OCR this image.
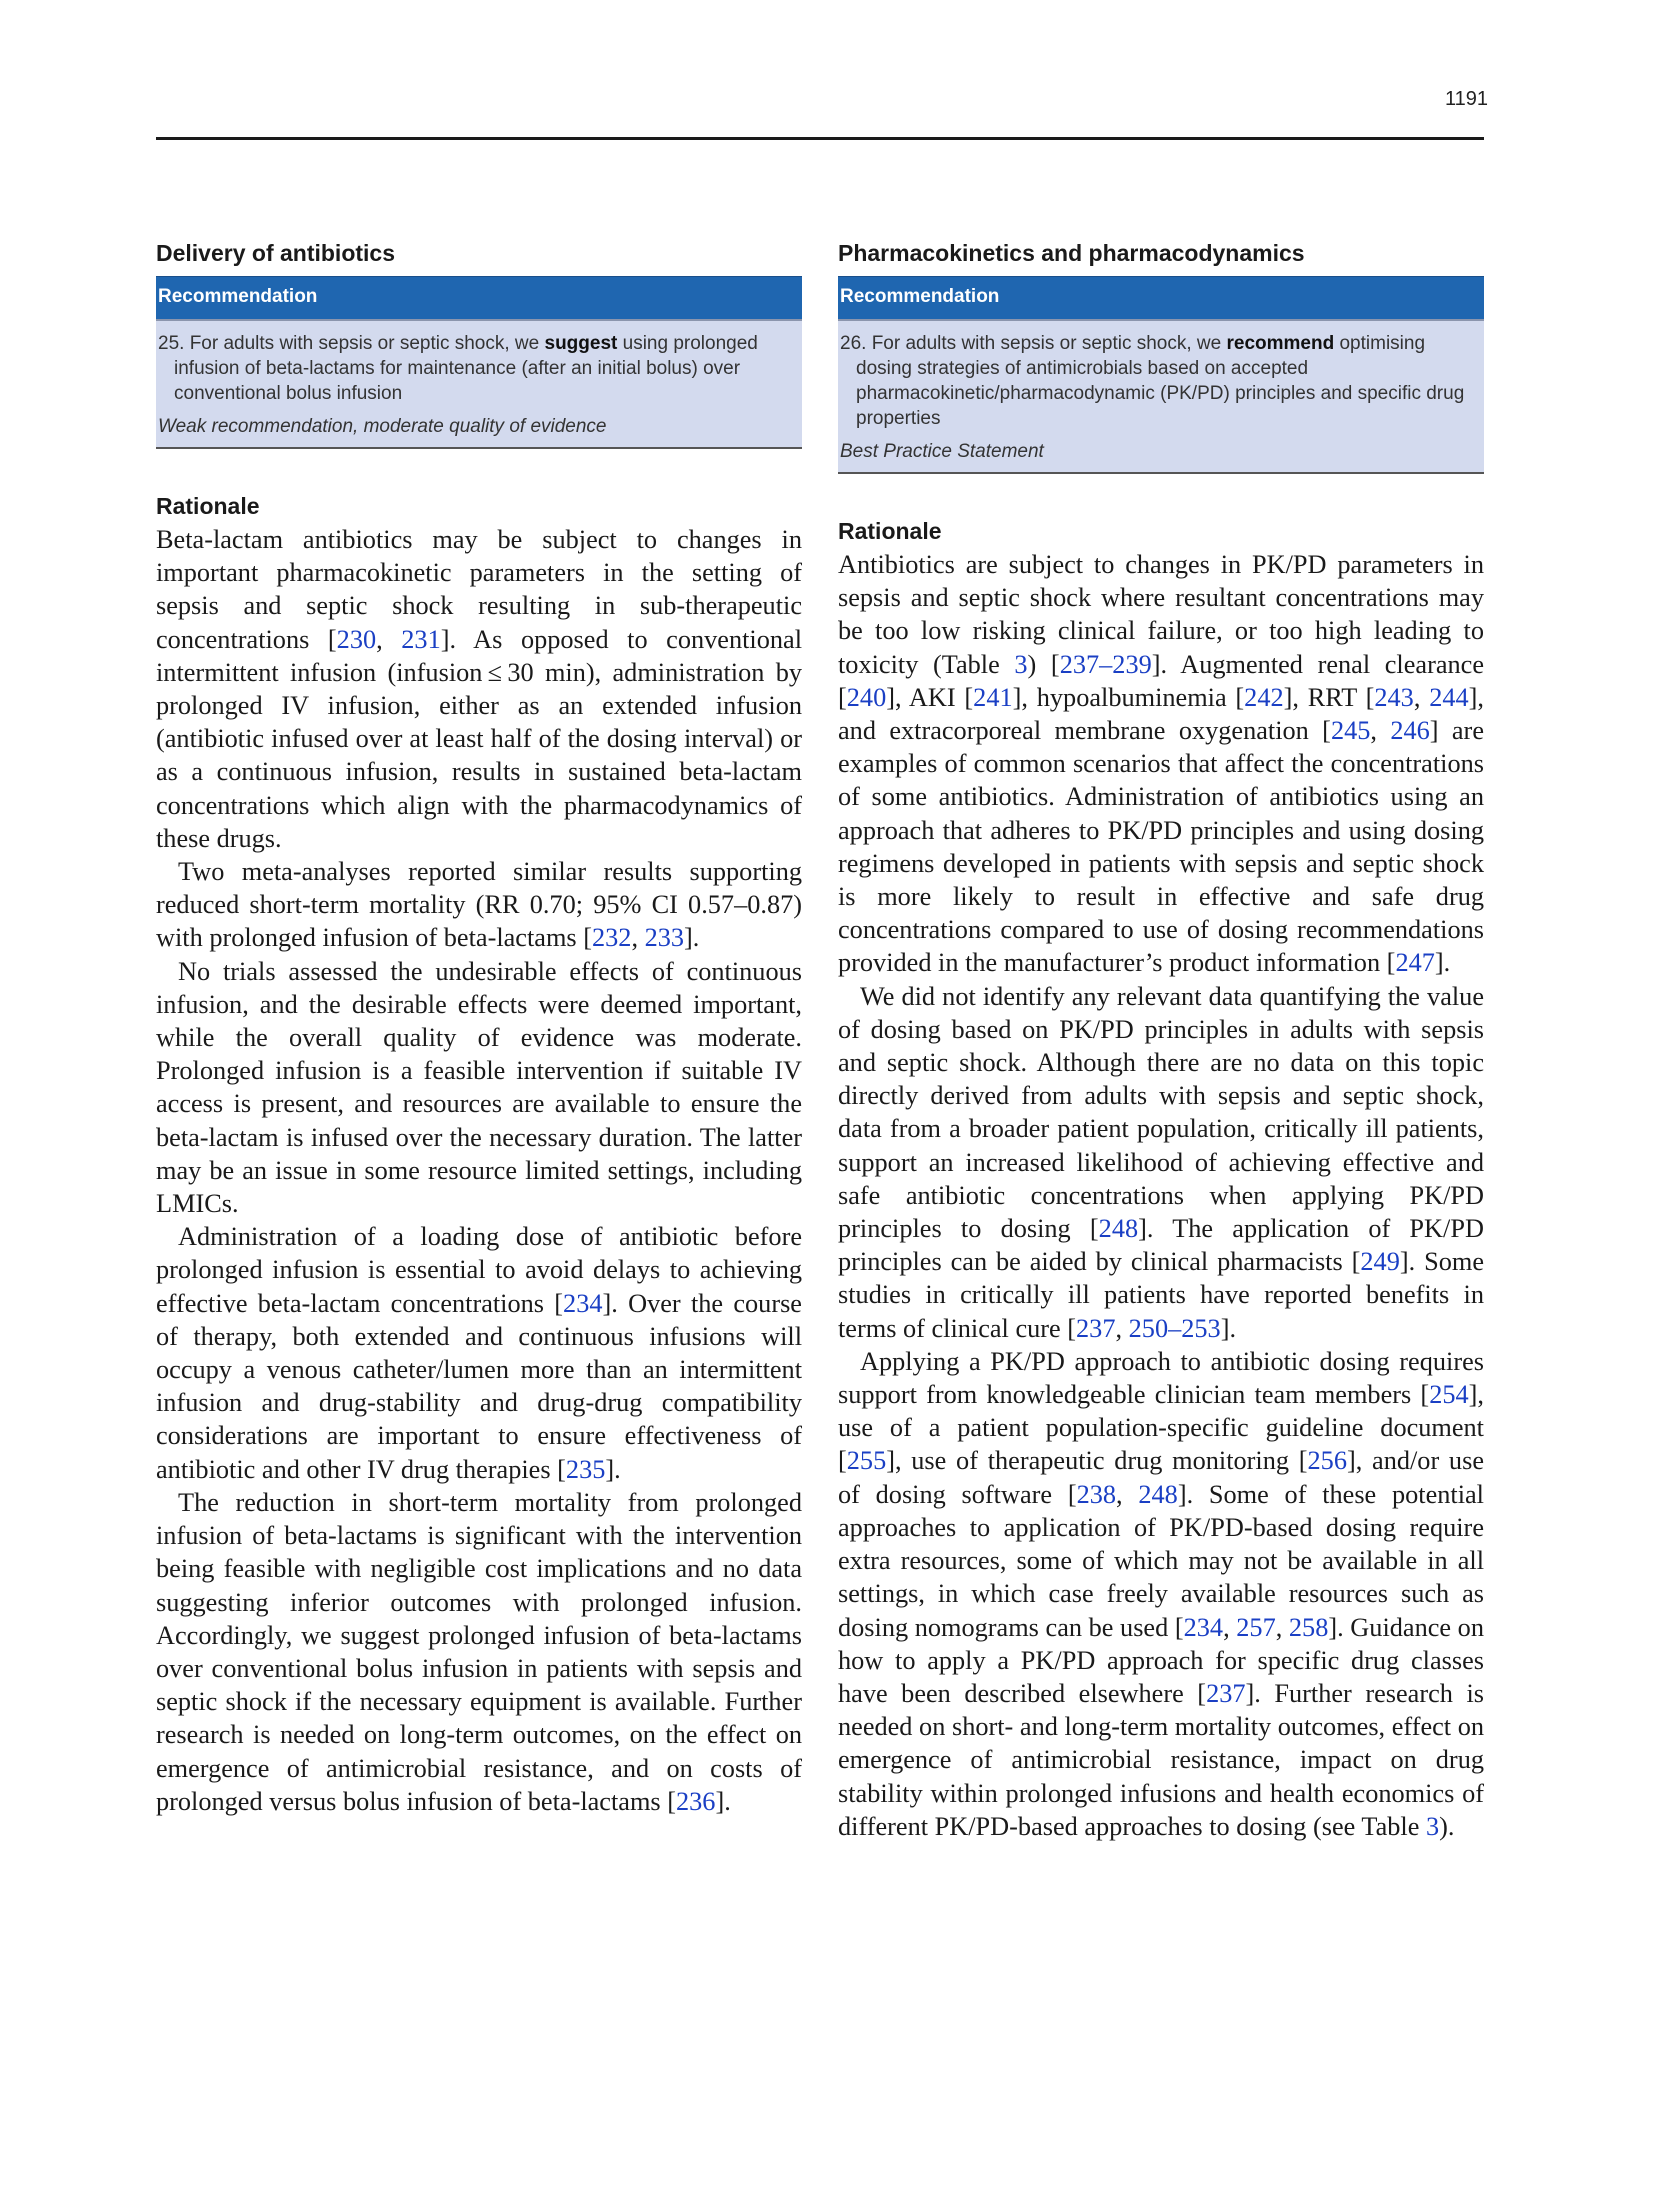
1191
Delivery of antibiotics
Recommendation

25. For adults with sepsis or septic shock, we suggest using prolonged infusion of beta-lactams for maintenance (after an initial bolus) over conventional bolus infusion

Weak recommendation, moderate quality of evidence

Rationale

Beta-lactam antibiotics may be subject to changes in important pharmacokinetic parameters in the setting of sepsis and septic shock resulting in sub-therapeutic concentrations [230, 231]. As opposed to conventional intermittent infusion (infusion ≤ 30 min), administration by prolonged IV infusion, either as an extended infusion (antibiotic infused over at least half of the dosing interval) or as a continuous infusion, results in sustained beta-lactam concentrations which align with the pharmacodynamics of these drugs.

Two meta-analyses reported similar results supporting reduced short-term mortality (RR 0.70; 95% CI 0.57–0.87) with prolonged infusion of beta-lactams [232, 233].

No trials assessed the undesirable effects of continuous infusion, and the desirable effects were deemed important, while the overall quality of evidence was moderate. Prolonged infusion is a feasible intervention if suitable IV access is present, and resources are available to ensure the beta-lactam is infused over the necessary duration. The latter may be an issue in some resource limited settings, including LMICs.

Administration of a loading dose of antibiotic before prolonged infusion is essential to avoid delays to achieving effective beta-lactam concentrations [234]. Over the course of therapy, both extended and continuous infusions will occupy a venous catheter/lumen more than an intermittent infusion and drug-stability and drug-drug compatibility considerations are important to ensure effectiveness of antibiotic and other IV drug therapies [235].

The reduction in short-term mortality from prolonged infusion of beta-lactams is significant with the intervention being feasible with negligible cost implications and no data suggesting inferior outcomes with prolonged infusion. Accordingly, we suggest prolonged infusion of beta-lactams over conventional bolus infusion in patients with sepsis and septic shock if the necessary equipment is available. Further research is needed on long-term outcomes, on the effect on emergence of antimicrobial resistance, and on costs of prolonged versus bolus infusion of beta-lactams [236].

Pharmacokinetics and pharmacodynamics
Recommendation

26. For adults with sepsis or septic shock, we recommend optimising dosing strategies of antimicrobials based on accepted pharmacokinetic/pharmacodynamic (PK/PD) principles and specific drug properties

Best Practice Statement

Rationale

Antibiotics are subject to changes in PK/PD parameters in sepsis and septic shock where resultant concentrations may be too low risking clinical failure, or too high leading to toxicity (Table 3) [237–239]. Augmented renal clearance [240], AKI [241], hypoalbuminemia [242], RRT [243, 244], and extracorporeal membrane oxygenation [245, 246] are examples of common scenarios that affect the concentrations of some antibiotics. Administration of antibiotics using an approach that adheres to PK/PD principles and using dosing regimens developed in patients with sepsis and septic shock is more likely to result in effective and safe drug concentrations compared to use of dosing recommendations provided in the manufacturer’s product information [247].

We did not identify any relevant data quantifying the value of dosing based on PK/PD principles in adults with sepsis and septic shock. Although there are no data on this topic directly derived from adults with sepsis and septic shock, data from a broader patient population, critically ill patients, support an increased likelihood of achieving effective and safe antibiotic concentrations when applying PK/PD principles to dosing [248]. The application of PK/PD principles can be aided by clinical pharmacists [249]. Some studies in critically ill patients have reported benefits in terms of clinical cure [237, 250–253].

Applying a PK/PD approach to antibiotic dosing requires support from knowledgeable clinician team members [254], use of a patient population-specific guideline document [255], use of therapeutic drug monitoring [256], and/or use of dosing software [238, 248]. Some of these potential approaches to application of PK/PD-based dosing require extra resources, some of which may not be available in all settings, in which case freely available resources such as dosing nomograms can be used [234, 257, 258]. Guidance on how to apply a PK/PD approach for specific drug classes have been described elsewhere [237]. Further research is needed on short- and long-term mortality outcomes, effect on emergence of antimicrobial resistance, impact on drug stability within prolonged infusions and health economics of different PK/PD-based approaches to dosing (see Table 3).
